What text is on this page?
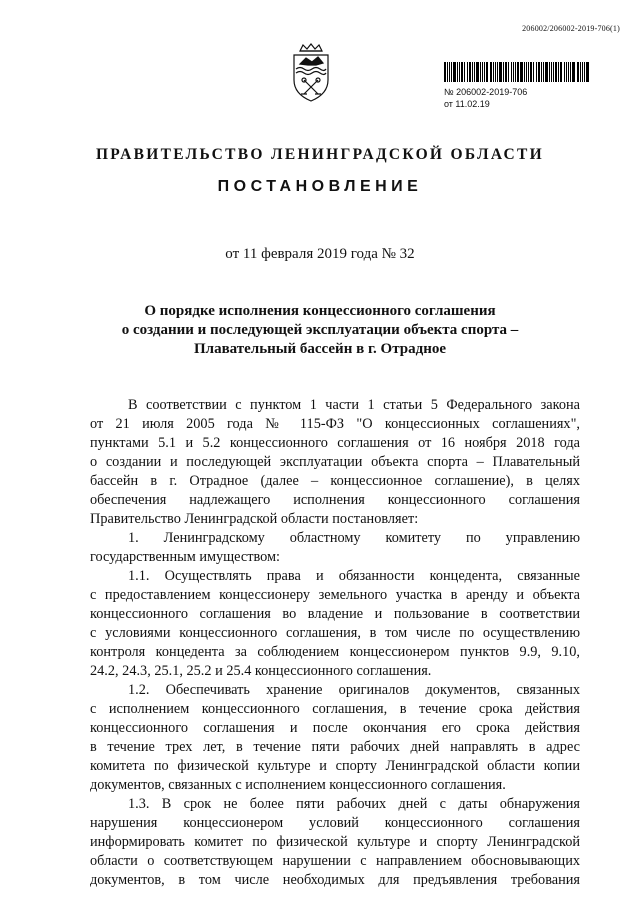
206002/206002-2019-706(1)
№ 206002-2019-706
от 11.02.19
ПРАВИТЕЛЬСТВО ЛЕНИНГРАДСКОЙ ОБЛАСТИ
ПОСТАНОВЛЕНИЕ
от 11 февраля 2019 года № 32
О порядке исполнения концессионного соглашения
о создании и последующей эксплуатации объекта спорта –
Плавательный бассейн в г. Отрадное
В соответствии с пунктом 1 части 1 статьи 5 Федерального закона
от 21 июля 2005 года № 115-ФЗ "О концессионных соглашениях",
пунктами 5.1 и 5.2 концессионного соглашения от 16 ноября 2018 года
о создании и последующей эксплуатации объекта спорта – Плавательный
бассейн в г. Отрадное (далее – концессионное соглашение), в целях
обеспечения надлежащего исполнения концессионного соглашения
Правительство Ленинградской области постановляет:
1. Ленинградскому областному комитету по управлению
государственным имуществом:
1.1. Осуществлять права и обязанности концедента, связанные
с предоставлением концессионеру земельного участка в аренду и объекта
концессионного соглашения во владение и пользование в соответствии
с условиями концессионного соглашения, в том числе по осуществлению
контроля концедента за соблюдением концессионером пунктов 9.9, 9.10,
24.2, 24.3, 25.1, 25.2 и 25.4 концессионного соглашения.
1.2. Обеспечивать хранение оригиналов документов, связанных
с исполнением концессионного соглашения, в течение срока действия
концессионного соглашения и после окончания его срока действия
в течение трех лет, в течение пяти рабочих дней направлять в адрес
комитета по физической культуре и спорту Ленинградской области копии
документов, связанных с исполнением концессионного соглашения.
1.3. В срок не более пяти рабочих дней с даты обнаружения
нарушения концессионером условий концессионного соглашения
информировать комитет по физической культуре и спорту Ленинградской
области о соответствующем нарушении с направлением обосновывающих
документов, в том числе необходимых для предъявления требования
